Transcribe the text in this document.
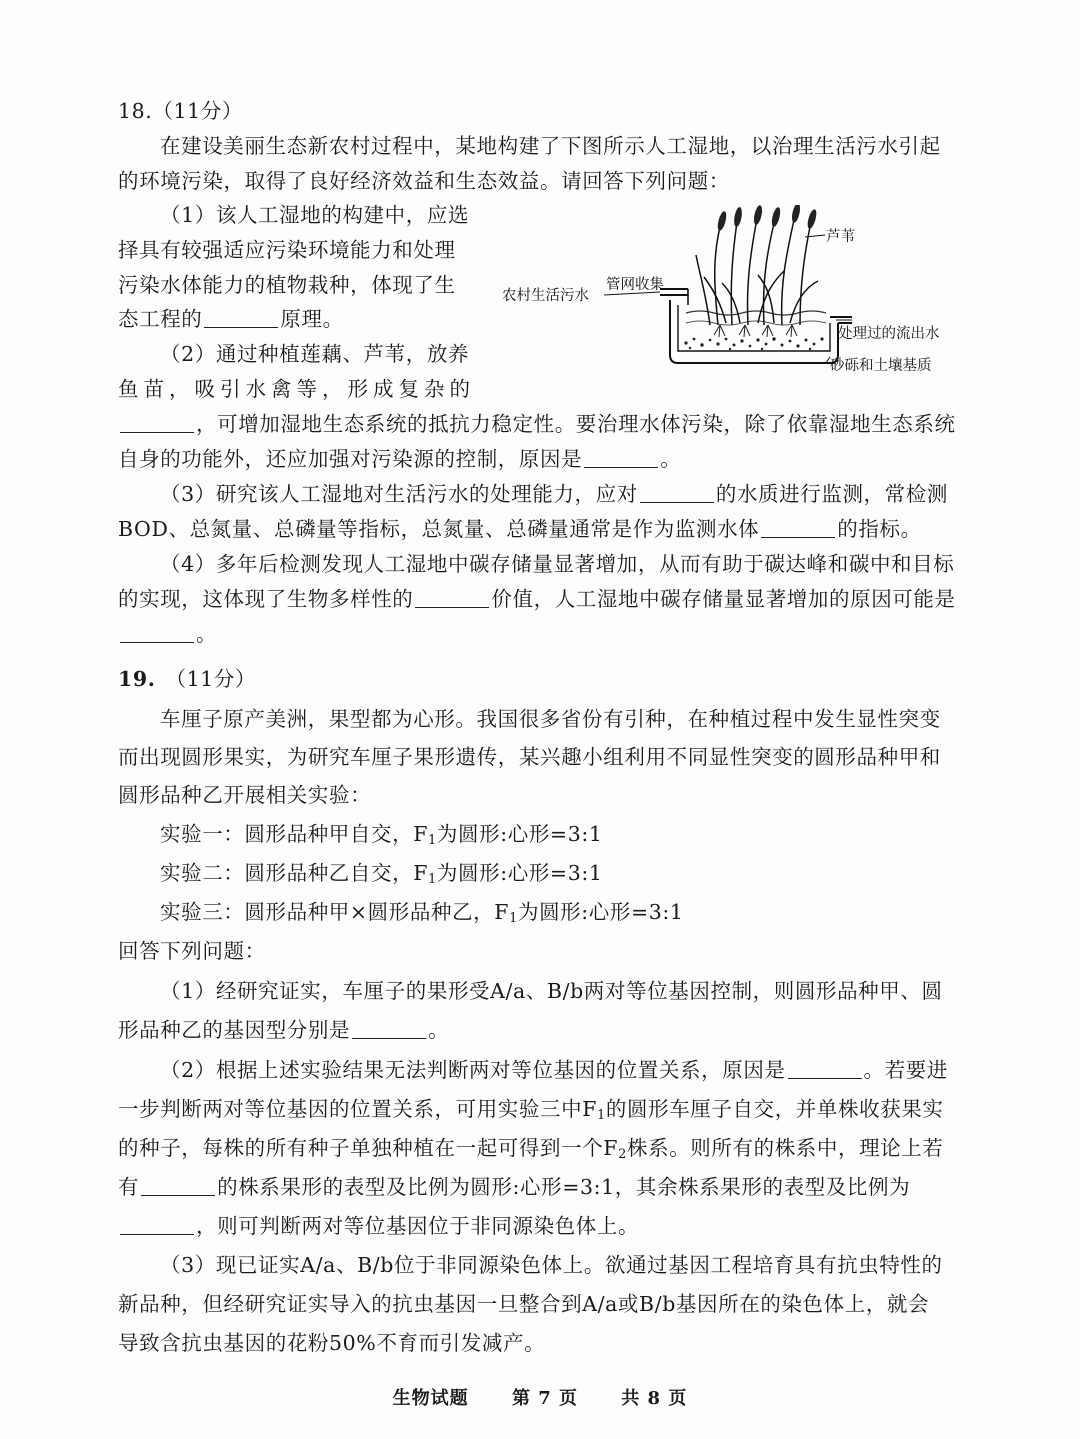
18.（11分）
在建设美丽生态新农村过程中，某地构建了下图所示人工湿地，以治理生活污水引起
的环境污染，取得了良好经济效益和生态效益。请回答下列问题：
（1）该人工湿地的构建中，应选
择具有较强适应污染环境能力和处理
污染水体能力的植物栽种，体现了生
态工程的	原理。
（2）通过种植莲藕、芦苇，放养
鱼苗，吸引水禽等，形成复杂的
，可增加湿地生态系统的抵抗力稳定性。要治理水体污染，除了依靠湿地生态系统
自身的功能外，还应加强对污染源的控制，原因是	。
（3）研究该人工湿地对生活污水的处理能力，应对	的水质进行监测，常检测
BOD、总氮量、总磷量等指标，总氮量、总磷量通常是作为监测水体	的指标。
（4）多年后检测发现人工湿地中碳存储量显著增加，从而有助于碳达峰和碳中和目标
的实现，这体现了生物多样性的	价值，人工湿地中碳存储量显著增加的原因可能是
。
芦苇
管网收集
农村生活污水
处理过的流出水
砂砾和土壤基质
19. （11分）
车厘子原产美洲，果型都为心形。我国很多省份有引种，在种植过程中发生显性突变
而出现圆形果实，为研究车厘子果形遗传，某兴趣小组利用不同显性突变的圆形品种甲和
圆形品种乙开展相关实验：
实验一：圆形品种甲自交，$F_1$为圆形:心形=3:1
实验二：圆形品种乙自交，$F_1$为圆形:心形=3:1
实验三：圆形品种甲×圆形品种乙，$F_1$为圆形:心形=3:1
回答下列问题：
（1）经研究证实，车厘子的果形受A/a、B/b两对等位基因控制，则圆形品种甲、圆
形品种乙的基因型分别是	。
（2）根据上述实验结果无法判断两对等位基因的位置关系，原因是	。若要进
一步判断两对等位基因的位置关系，可用实验三中$F_1$的圆形车厘子自交，并单株收获果实
的种子，每株的所有种子单独种植在一起可得到一个$F_2$株系。则所有的株系中，理论上若
有	的株系果形的表型及比例为圆形:心形=3:1，其余株系果形的表型及比例为
，则可判断两对等位基因位于非同源染色体上。
（3）现已证实A/a、B/b位于非同源染色体上。欲通过基因工程培育具有抗虫特性的
新品种，但经研究证实导入的抗虫基因一旦整合到A/a或B/b基因所在的染色体上，就会
导致含抗虫基因的花粉50%不育而引发减产。
生物试题 第 7 页 共 8 页
